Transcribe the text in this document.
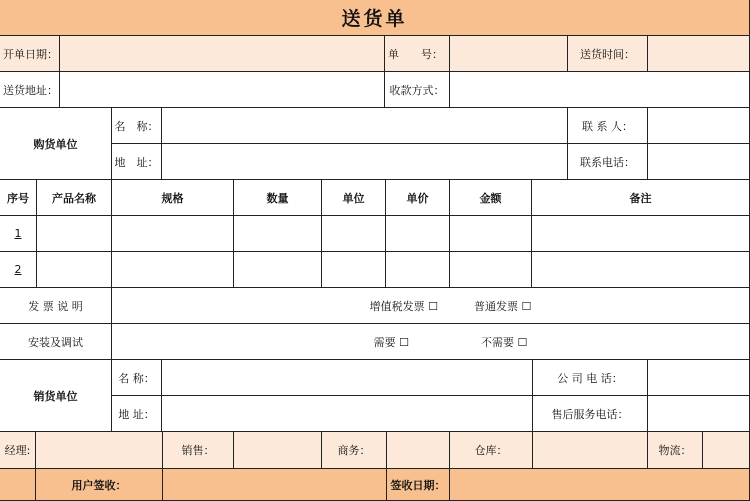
送货单
开单日期：	单　　号：	送货时间：
送货地址：	收款方式：
购货单位
名　称：	联 系 人：
地　址：	联系电话：
序号	产品名称	规格	数量	单位	单价	金额	备注
1
2
发 票 说 明	增值税发票 ☐	普通发票 ☐
安装及调试	需要 ☐	不需要 ☐
销货单位
名 称：	公 司 电 话：
地 址：	售后服务电话：
经理:	销售：	商务：	仓库：	物流：
用户签收：	签收日期：
